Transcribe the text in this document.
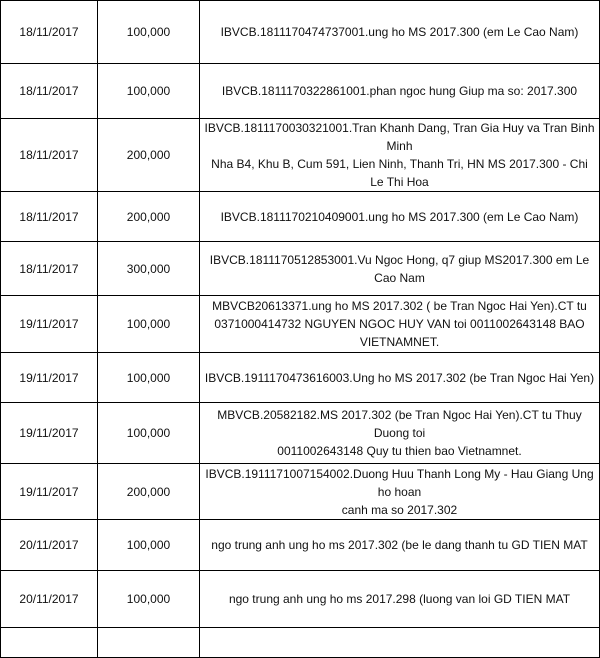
18/11/2017	100,000	IBVCB.1811170474737001.ung ho MS 2017.300 (em Le Cao Nam)

18/11/2017	100,000	IBVCB.1811170322861001.phan ngoc hung Giup ma so: 2017.300

18/11/2017	200,000	IBVCB.1811170030321001.Tran Khanh Dang, Tran Gia Huy va Tran Binh Minh
Nha B4, Khu B, Cum 591, Lien Ninh, Thanh Tri, HN MS 2017.300 - Chi Le Thi Hoa

18/11/2017	200,000	IBVCB.1811170210409001.ung ho MS 2017.300 (em Le Cao Nam)

18/11/2017	300,000	IBVCB.1811170512853001.Vu Ngoc Hong, q7 giup MS2017.300 em Le Cao Nam

19/11/2017	100,000	MBVCB20613371.ung ho MS 2017.302 ( be Tran Ngoc Hai Yen).CT tu
0371000414732 NGUYEN NGOC HUY VAN toi 0011002643148 BAO VIETNAMNET.

19/11/2017	100,000	IBVCB.1911170473616003.Ung ho MS 2017.302 (be Tran Ngoc Hai Yen)

19/11/2017	100,000	MBVCB.20582182.MS 2017.302 (be Tran Ngoc Hai Yen).CT tu Thuy Duong toi
0011002643148 Quy tu thien bao Vietnamnet.

19/11/2017	200,000	IBVCB.1911171007154002.Duong Huu Thanh Long My - Hau Giang Ung ho hoan
canh ma so 2017.302

20/11/2017	100,000	ngo trung anh ung ho ms 2017.302 (be le dang thanh tu GD TIEN MAT

20/11/2017	100,000	ngo trung anh ung ho ms 2017.298 (luong van loi GD TIEN MAT
